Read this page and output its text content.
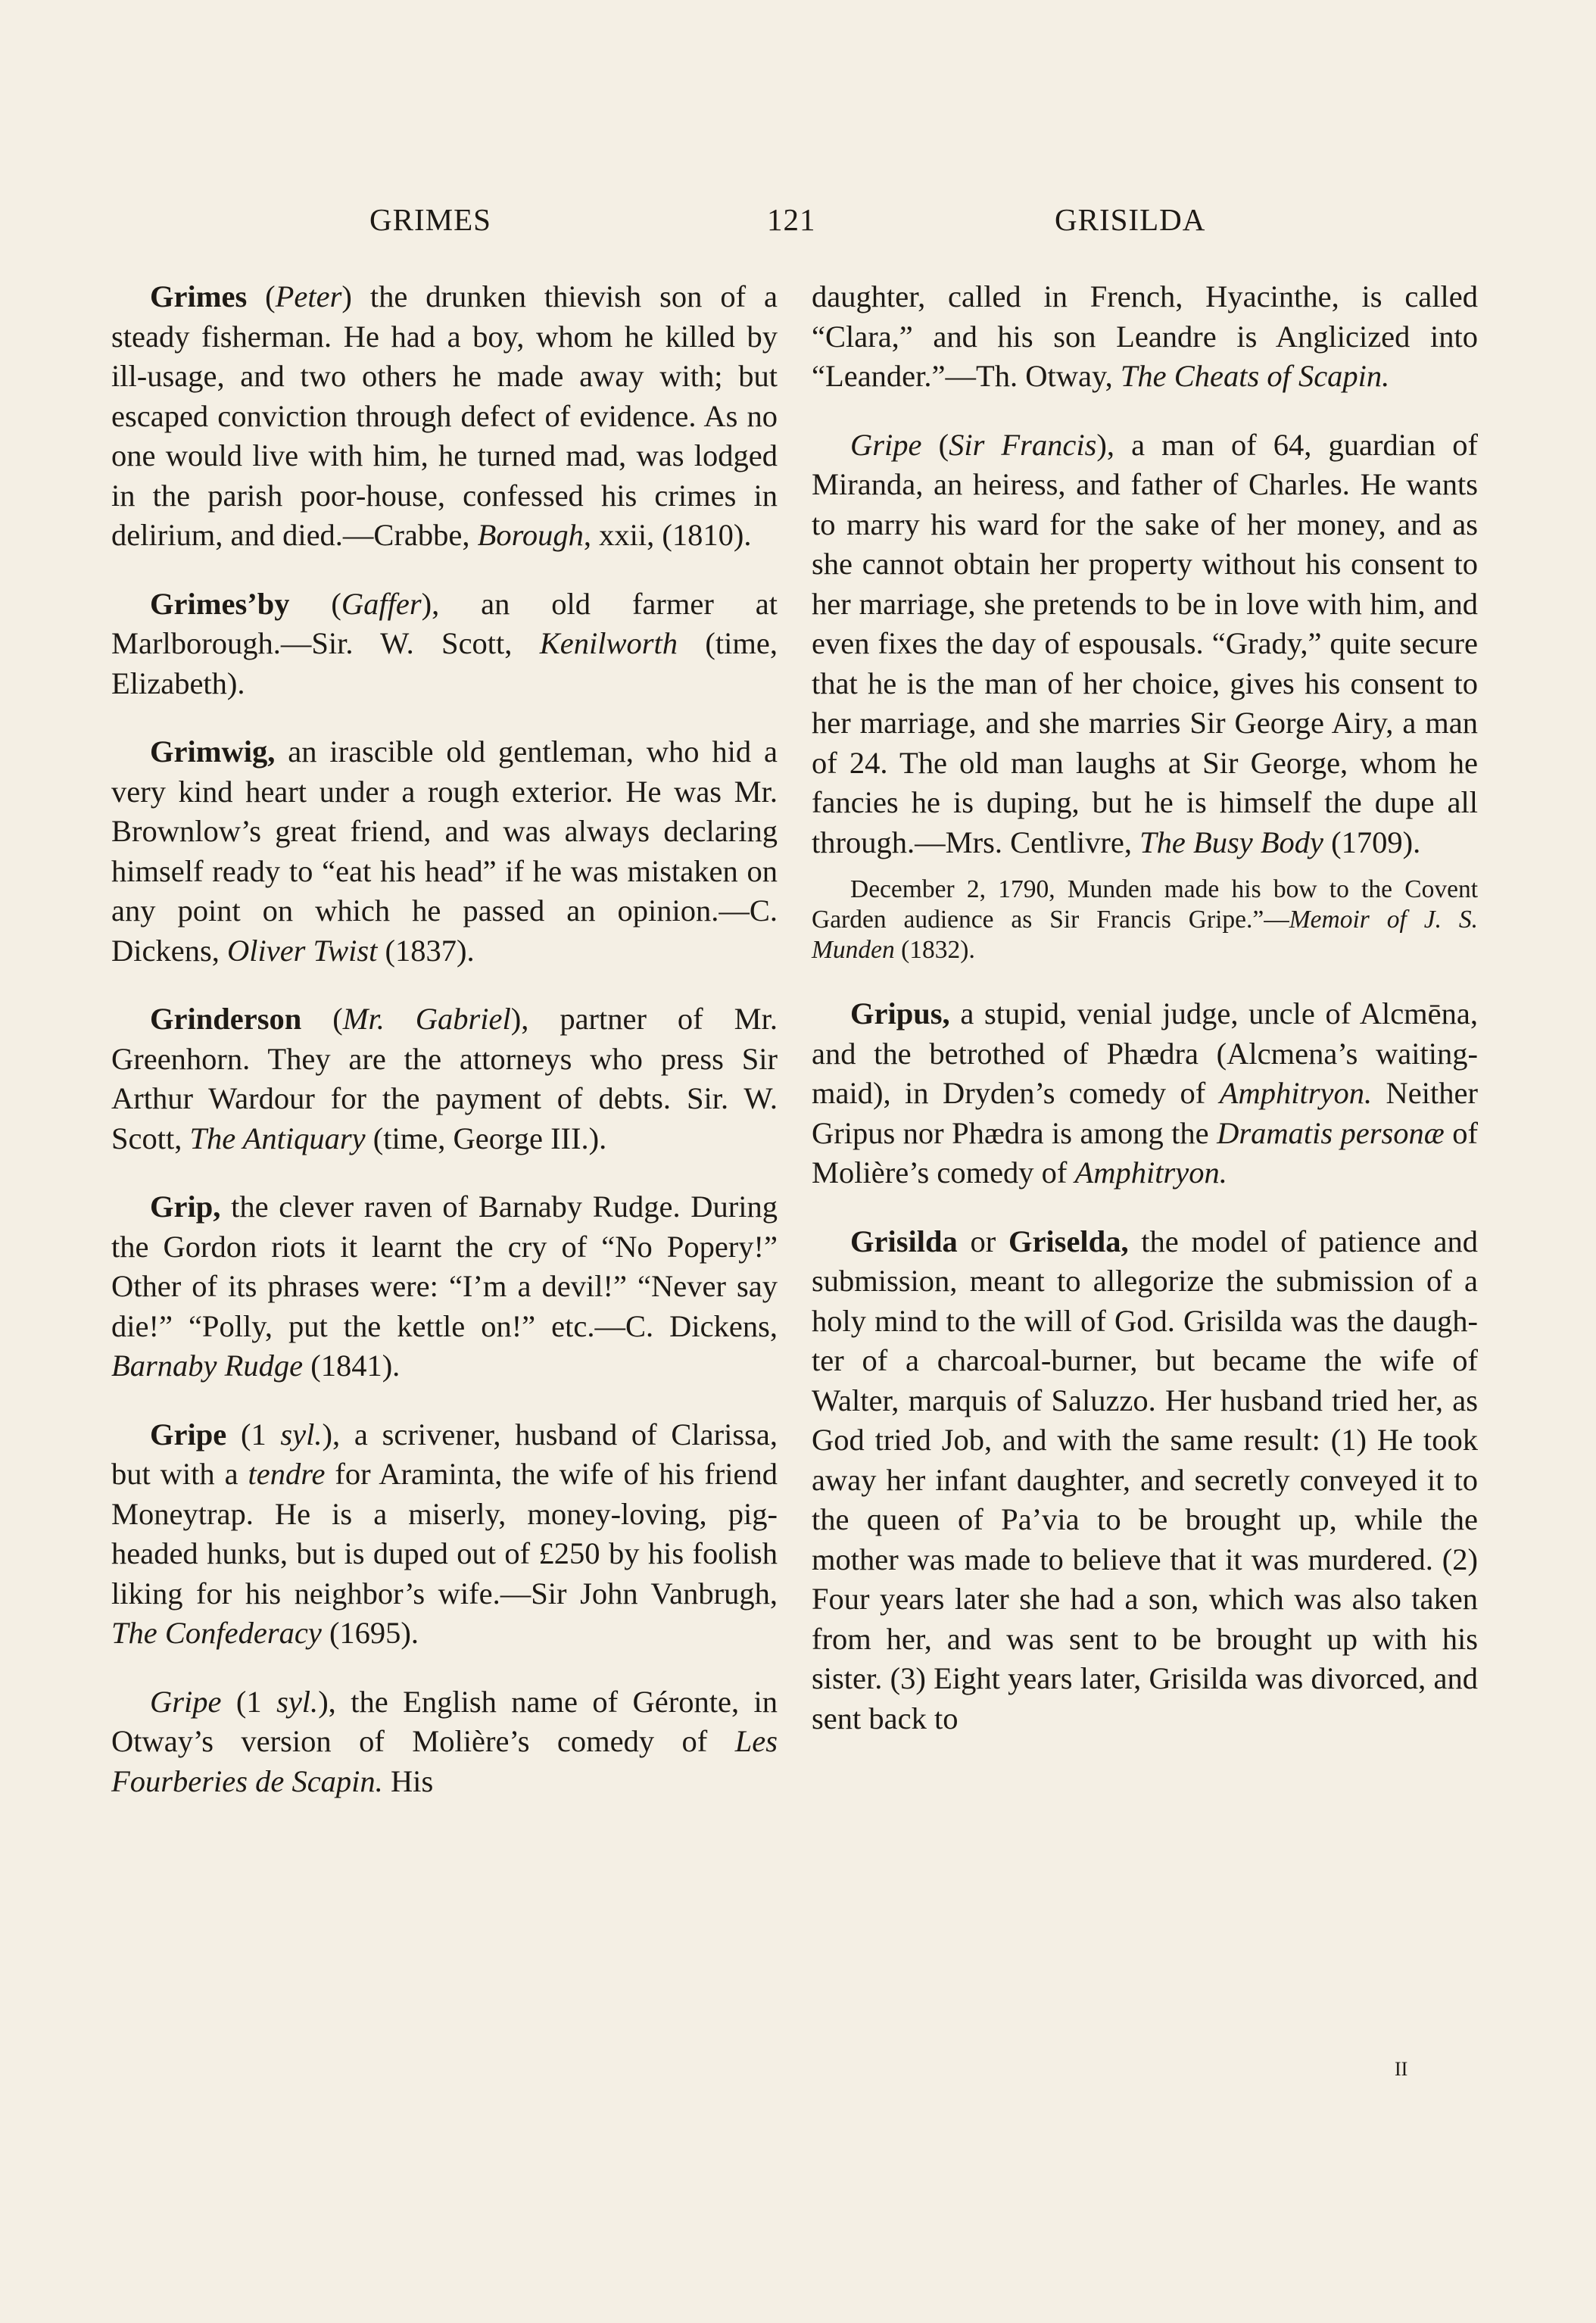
GRIMES	121	GRISILDA

Grimes (Peter) the drunken thievish son of a steady fisherman. He had a boy, whom he killed by ill-usage, and two others he made away with; but escaped conviction through defect of evidence. As no one would live with him, he turned mad, was lodged in the parish poor-house, confessed his crimes in delirium, and died.—Crabbe, Borough, xxii, (1810).

Grimes’by (Gaffer), an old farmer at Marlborough.—Sir. W. Scott, Kenilworth (time, Elizabeth).

Grimwig, an irascible old gentleman, who hid a very kind heart under a rough exterior. He was Mr. Brownlow’s great friend, and was always declaring himself ready to “eat his head” if he was mistaken on any point on which he passed an opinion.—C. Dickens, Oliver Twist (1837).

Grinderson (Mr. Gabriel), partner of Mr. Greenhorn. They are the attorneys who press Sir Arthur Wardour for the payment of debts. Sir. W. Scott, The Antiquary (time, George III.).

Grip, the clever raven of Barnaby Rudge. During the Gordon riots it learnt the cry of “No Popery!” Other of its phrases were: “I’m a devil!” “Never say die!” “Polly, put the kettle on!” etc.—C. Dickens, Barnaby Rudge (1841).

Gripe (1 syl.), a scrivener, husband of Clarissa, but with a tendre for Araminta, the wife of his friend Moneytrap. He is a miserly, money-loving, pig-headed hunks, but is duped out of £250 by his foolish liking for his neighbor’s wife.—Sir John Vanbrugh, The Confederacy (1695).

Gripe (1 syl.), the English name of Géronte, in Otway’s version of Molière’s comedy of Les Fourberies de Scapin. His

daughter, called in French, Hyacinthe, is called “Clara,” and his son Leandre is Anglicized into “Leander.”—Th. Otway, The Cheats of Scapin.

Gripe (Sir Francis), a man of 64, guardian of Miranda, an heiress, and father of Charles. He wants to marry his ward for the sake of her money, and as she cannot obtain her property without his consent to her marriage, she pretends to be in love with him, and even fixes the day of espousals. “Grady,” quite secure that he is the man of her choice, gives his consent to her marriage, and she marries Sir George Airy, a man of 24. The old man laughs at Sir George, whom he fancies he is duping, but he is himself the dupe all through.—Mrs. Centlivre, The Busy Body (1709).

December 2, 1790, Munden made his bow to the Covent Garden audience as Sir Francis Gripe.”—Memoir of J. S. Munden (1832).

Gripus, a stupid, venial judge, uncle of Alcmēna, and the betrothed of Phædra (Alcmena’s waiting-maid), in Dryden’s comedy of Amphitryon. Neither Gripus nor Phædra is among the Dramatis personæ of Molière’s comedy of Amphitryon.

Grisilda or Griselda, the model of patience and submission, meant to allegorize the submission of a holy mind to the will of God. Grisilda was the daughter of a charcoal-burner, but became the wife of Walter, marquis of Saluzzo. Her husband tried her, as God tried Job, and with the same result: (1) He took away her infant daughter, and secretly conveyed it to the queen of Pa’via to be brought up, while the mother was made to believe that it was murdered. (2) Four years later she had a son, which was also taken from her, and was sent to be brought up with his sister. (3) Eight years later, Grisilda was divorced, and sent back to

II
